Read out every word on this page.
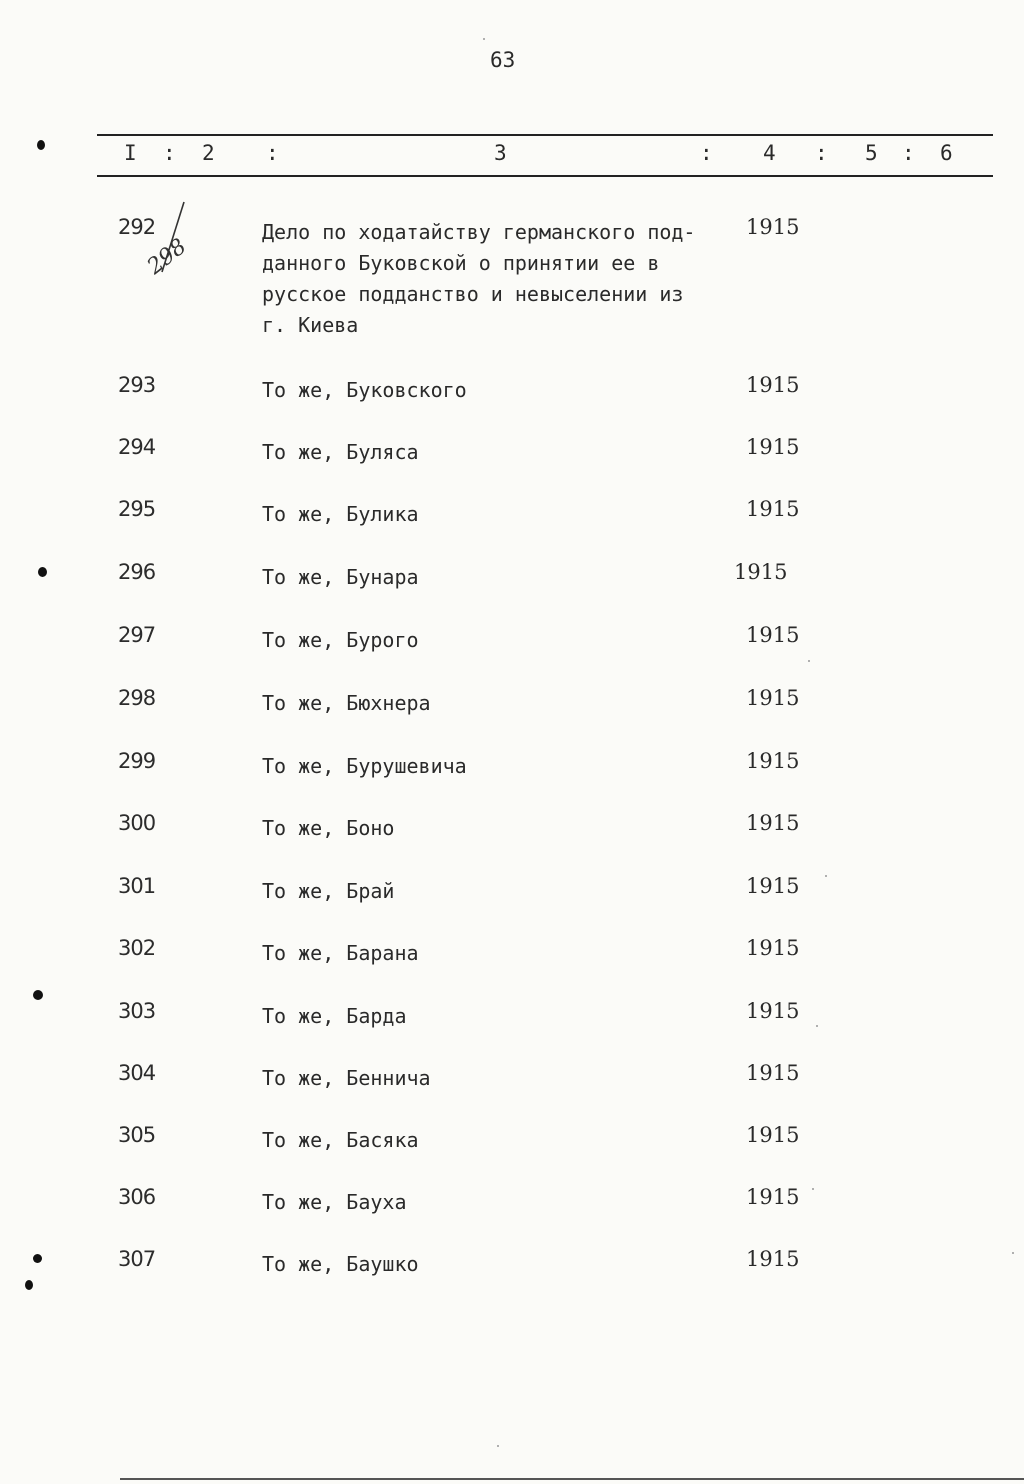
63
I : 2 :	3	: 4 : 5 : 6
298
292	Дело по ходатайству германского под-
данного Буковской о принятии ее в
русское подданство и невыселении из
г. Киева
1915
293	То же, Буковского	1915
294	То же, Буляса	1915
295	То же, Булика	1915
296	То же, Бунара	1915
297	То же, Бурого	1915
298	То же, Бюхнера	1915
299	То же, Бурушевича	1915
300	То же, Боно	1915
301	То же, Брай	1915
302	То же, Барана	1915
303	То же, Барда	1915
304	То же, Беннича	1915
305	То же, Басяка	1915
306	То же, Бауха	1915
307	То же, Баушко	1915
